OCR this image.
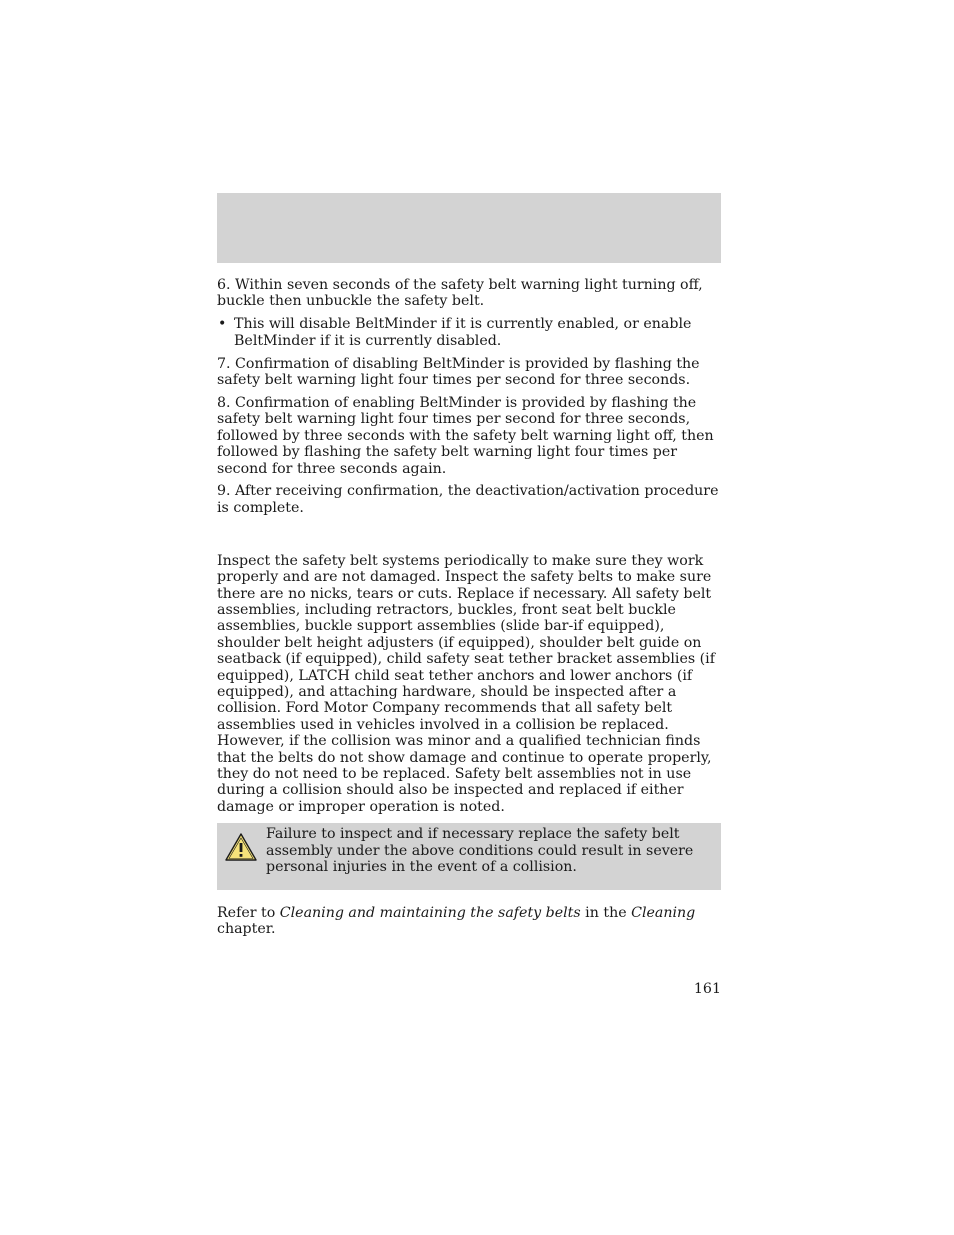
6. Within seven seconds of the safety belt warning light turning off, buckle then unbuckle the safety belt.

• This will disable BeltMinder if it is currently enabled, or enable BeltMinder if it is currently disabled.

7. Confirmation of disabling BeltMinder is provided by flashing the safety belt warning light four times per second for three seconds.

8. Confirmation of enabling BeltMinder is provided by flashing the safety belt warning light four times per second for three seconds, followed by three seconds with the safety belt warning light off, then followed by flashing the safety belt warning light four times per second for three seconds again.

9. After receiving confirmation, the deactivation/activation procedure is complete.

Inspect the safety belt systems periodically to make sure they work properly and are not damaged. Inspect the safety belts to make sure there are no nicks, tears or cuts. Replace if necessary. All safety belt assemblies, including retractors, buckles, front seat belt buckle assemblies, buckle support assemblies (slide bar-if equipped), shoulder belt height adjusters (if equipped), shoulder belt guide on seatback (if equipped), child safety seat tether bracket assemblies (if equipped), LATCH child seat tether anchors and lower anchors (if equipped), and attaching hardware, should be inspected after a collision. Ford Motor Company recommends that all safety belt assemblies used in vehicles involved in a collision be replaced. However, if the collision was minor and a qualified technician finds that the belts do not show damage and continue to operate properly, they do not need to be replaced. Safety belt assemblies not in use during a collision should also be inspected and replaced if either damage or improper operation is noted.

Failure to inspect and if necessary replace the safety belt assembly under the above conditions could result in severe personal injuries in the event of a collision.

Refer to Cleaning and maintaining the safety belts in the Cleaning chapter.

161
